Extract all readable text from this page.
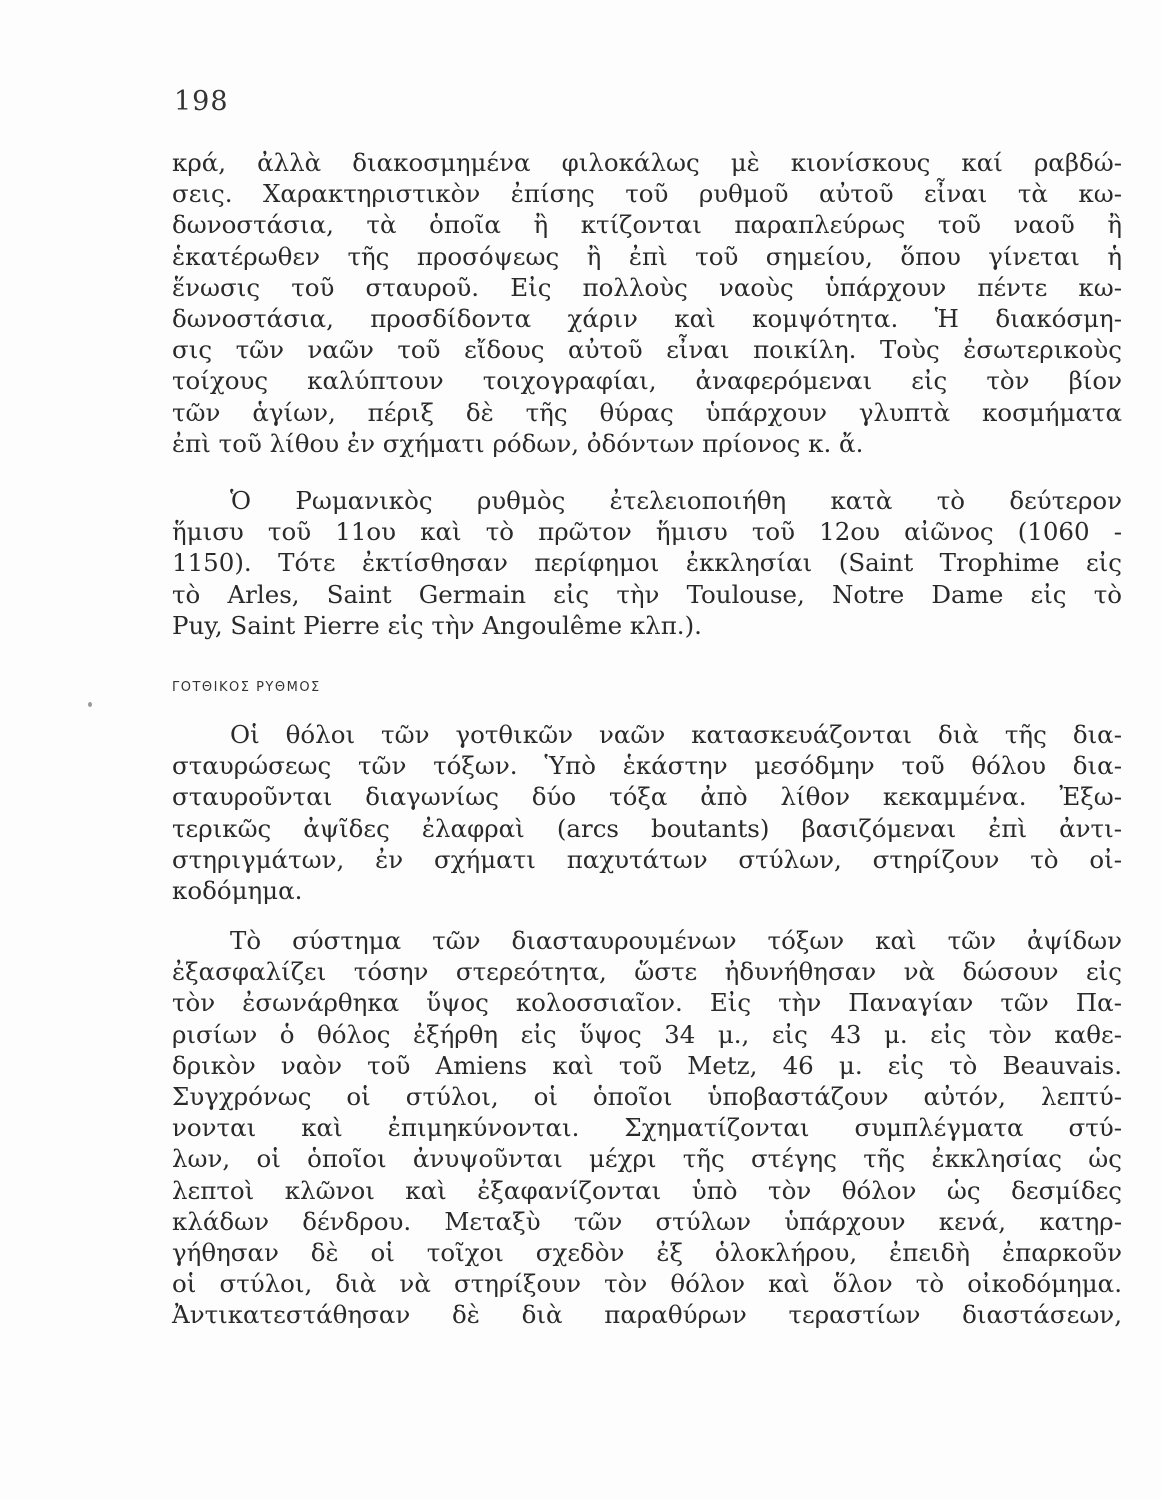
198
κρά, ἀλλὰ διακοσμημένα φιλοκάλως μὲ κιονίσκους καί ραβδώ-
σεις. Χαρακτηριστικὸν ἐπίσης τοῦ ρυθμοῦ αὐτοῦ εἶναι τὰ κω-
δωνοστάσια, τὰ ὁποῖα ἢ κτίζονται παραπλεύρως τοῦ ναοῦ ἢ
ἑκατέρωθεν τῆς προσόψεως ἢ ἐπὶ τοῦ σημείου, ὅπου γίνεται ἡ
ἕνωσις τοῦ σταυροῦ. Εἰς πολλοὺς ναοὺς ὑπάρχουν πέντε κω-
δωνοστάσια, προσδίδοντα χάριν καὶ κομψότητα. Ἡ διακόσμη-
σις τῶν ναῶν τοῦ εἴδους αὐτοῦ εἶναι ποικίλη. Τοὺς ἐσωτερικοὺς
τοίχους καλύπτουν τοιχογραφίαι, ἀναφερόμεναι εἰς τὸν βίον
τῶν ἁγίων, πέριξ δὲ τῆς θύρας ὑπάρχουν γλυπτὰ κοσμήματα
ἐπὶ τοῦ λίθου ἐν σχήματι ρόδων, ὀδόντων πρίονος κ. ἄ.
Ὁ Ρωμανικὸς ρυθμὸς ἐτελειοποιήθη κατὰ τὸ δεύτερον
ἥμισυ τοῦ 11ου καὶ τὸ πρῶτον ἥμισυ τοῦ 12ου αἰῶνος (1060 -
1150). Τότε ἐκτίσθησαν περίφημοι ἐκκλησίαι (Saint Trophime εἰς
τὸ Arles, Saint Germain εἰς τὴν Toulouse, Notre Dame εἰς τὸ
Puy, Saint Pierre εἰς τὴν Angoulême κλπ.).
ΓΟΤΘΙΚΟΣ ΡΥΘΜΟΣ
Οἱ θόλοι τῶν γοτθικῶν ναῶν κατασκευάζονται διὰ τῆς δια-
σταυρώσεως τῶν τόξων. Ὑπὸ ἑκάστην μεσόδμην τοῦ θόλου δια-
σταυροῦνται διαγωνίως δύο τόξα ἀπὸ λίθον κεκαμμένα. Ἐξω-
τερικῶς ἀψῖδες ἐλαφραὶ (arcs boutants) βασιζόμεναι ἐπὶ ἀντι-
στηριγμάτων, ἐν σχήματι παχυτάτων στύλων, στηρίζουν τὸ οἰ-
κοδόμημα.
Τὸ σύστημα τῶν διασταυρουμένων τόξων καὶ τῶν ἀψίδων
ἐξασφαλίζει τόσην στερεότητα, ὥστε ἠδυνήθησαν νὰ δώσουν εἰς
τὸν ἐσωνάρθηκα ὕψος κολοσσιαῖον. Εἰς τὴν Παναγίαν τῶν Πα-
ρισίων ὁ θόλος ἐξήρθη εἰς ὕψος 34 μ., εἰς 43 μ. εἰς τὸν καθε-
δρικὸν ναὸν τοῦ Amiens καὶ τοῦ Metz, 46 μ. εἰς τὸ Beauvais.
Συγχρόνως οἱ στύλοι, οἱ ὁποῖοι ὑποβαστάζουν αὐτόν, λεπτύ-
νονται καὶ ἐπιμηκύνονται. Σχηματίζονται συμπλέγματα στύ-
λων, οἱ ὁποῖοι ἀνυψοῦνται μέχρι τῆς στέγης τῆς ἐκκλησίας ὡς
λεπτοὶ κλῶνοι καὶ ἐξαφανίζονται ὑπὸ τὸν θόλον ὡς δεσμίδες
κλάδων δένδρου. Μεταξὺ τῶν στύλων ὑπάρχουν κενά, κατηρ-
γήθησαν δὲ οἱ τοῖχοι σχεδὸν ἐξ ὁλοκλήρου, ἐπειδὴ ἐπαρκοῦν
οἱ στύλοι, διὰ νὰ στηρίξουν τὸν θόλον καὶ ὅλον τὸ οἰκοδόμημα.
Ἀντικατεστάθησαν δὲ διὰ παραθύρων τεραστίων διαστάσεων,
